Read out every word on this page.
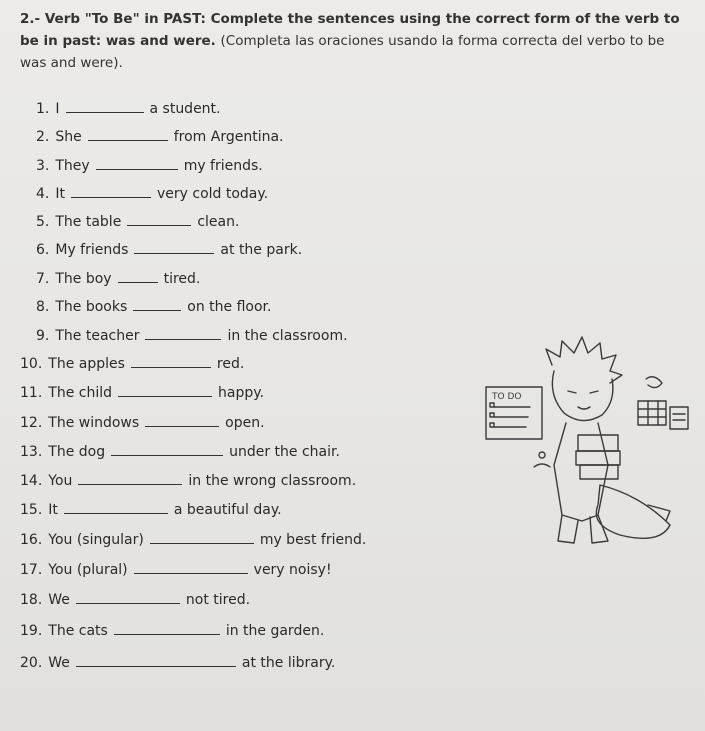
2.- Verb "To Be" in PAST: Complete the sentences using the correct form of the verb to be in past: was and were. (Completa las oraciones usando la forma correcta del verbo to be was and were).
1. I	a student.
2. She	from Argentina.
3. They	my friends.
4. It	very cold today.
5. The table	clean.
6. My friends	at the park.
7. The boy	tired.
8. The books	on the floor.
9. The teacher	in the classroom.
10. The apples	red.
11. The child	happy.
12. The windows	open.
13. The dog	under the chair.
14. You	in the wrong classroom.
15. It	a beautiful day.
16. You (singular)	my best friend.
17. You (plural)	very noisy!
18. We	not tired.
19. The cats	in the garden.
20. We	at the library.
TO DO
